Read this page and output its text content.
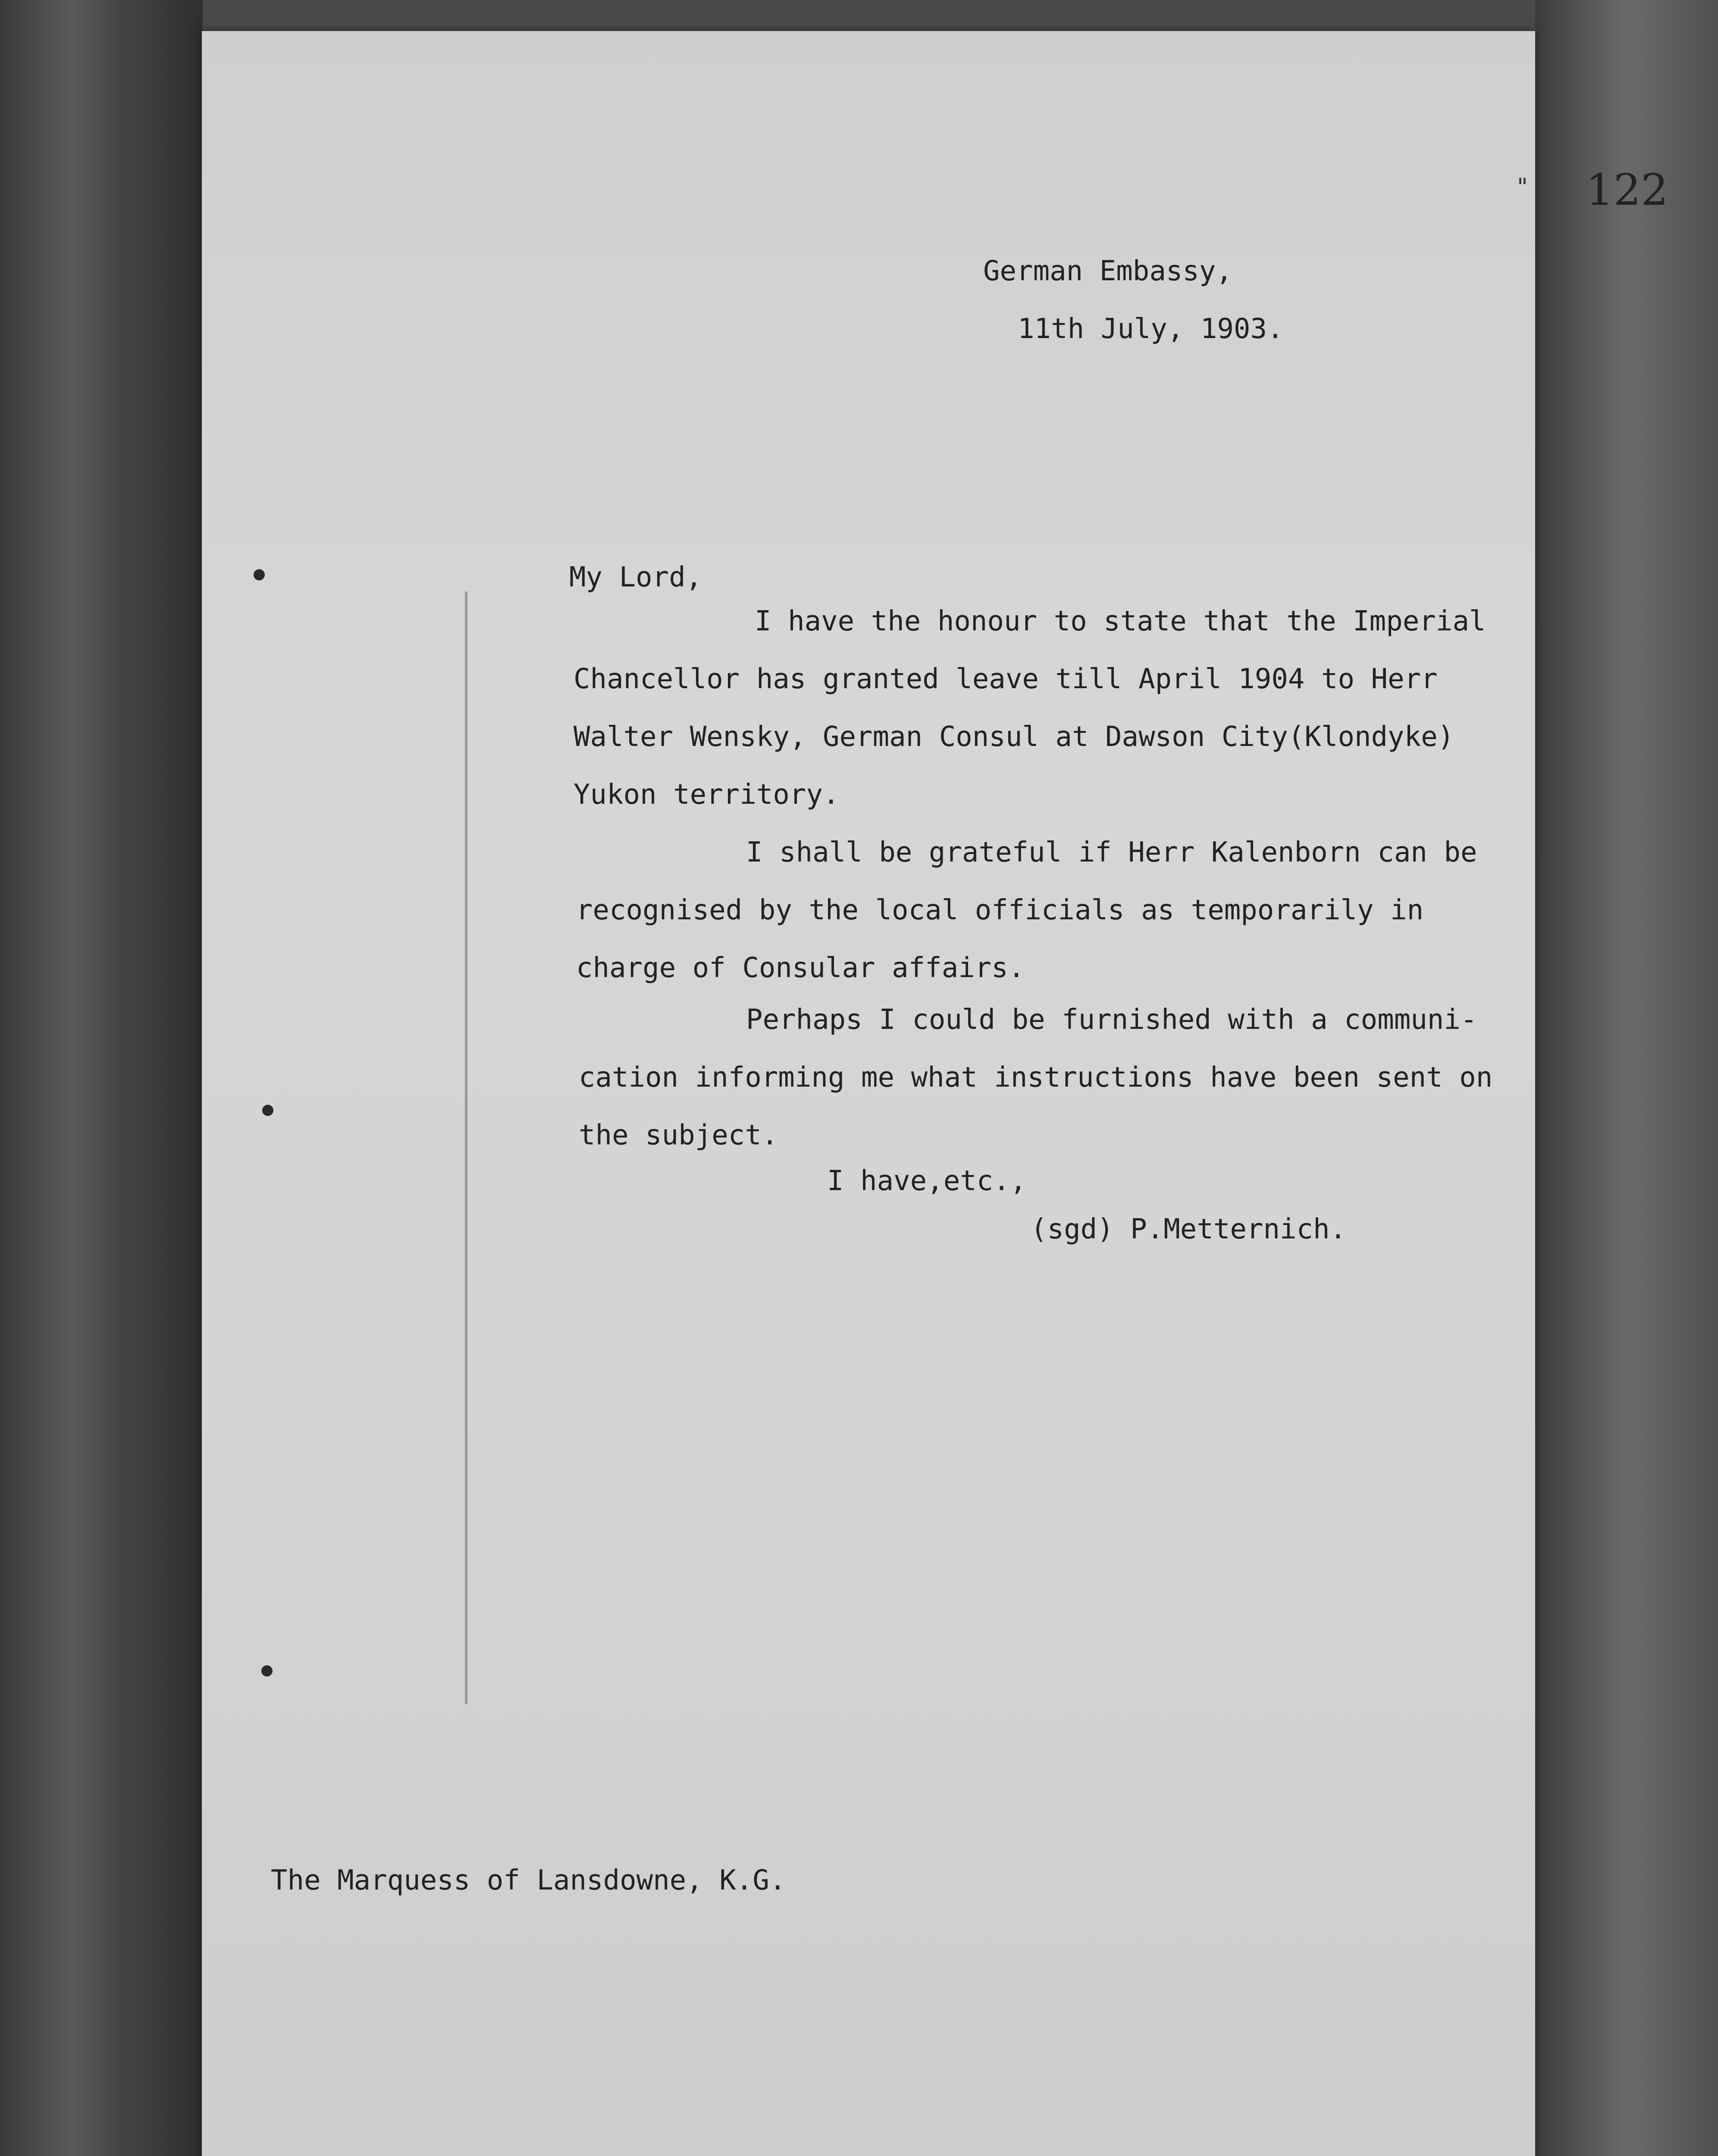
" 122
German Embassy,
11th July, 1903.
My Lord,
I have the honour to state that the Imperial
Chancellor has granted leave till April 1904 to Herr
Walter Wensky, German Consul at Dawson City(Klondyke)
Yukon territory.
I shall be grateful if Herr Kalenborn can be
recognised by the local officials as temporarily in
charge of Consular affairs.
Perhaps I could be furnished with a communi-
cation informing me what instructions have been sent on
the subject.
I have,etc.,
(sgd) P.Metternich.
The Marquess of Lansdowne, K.G.
